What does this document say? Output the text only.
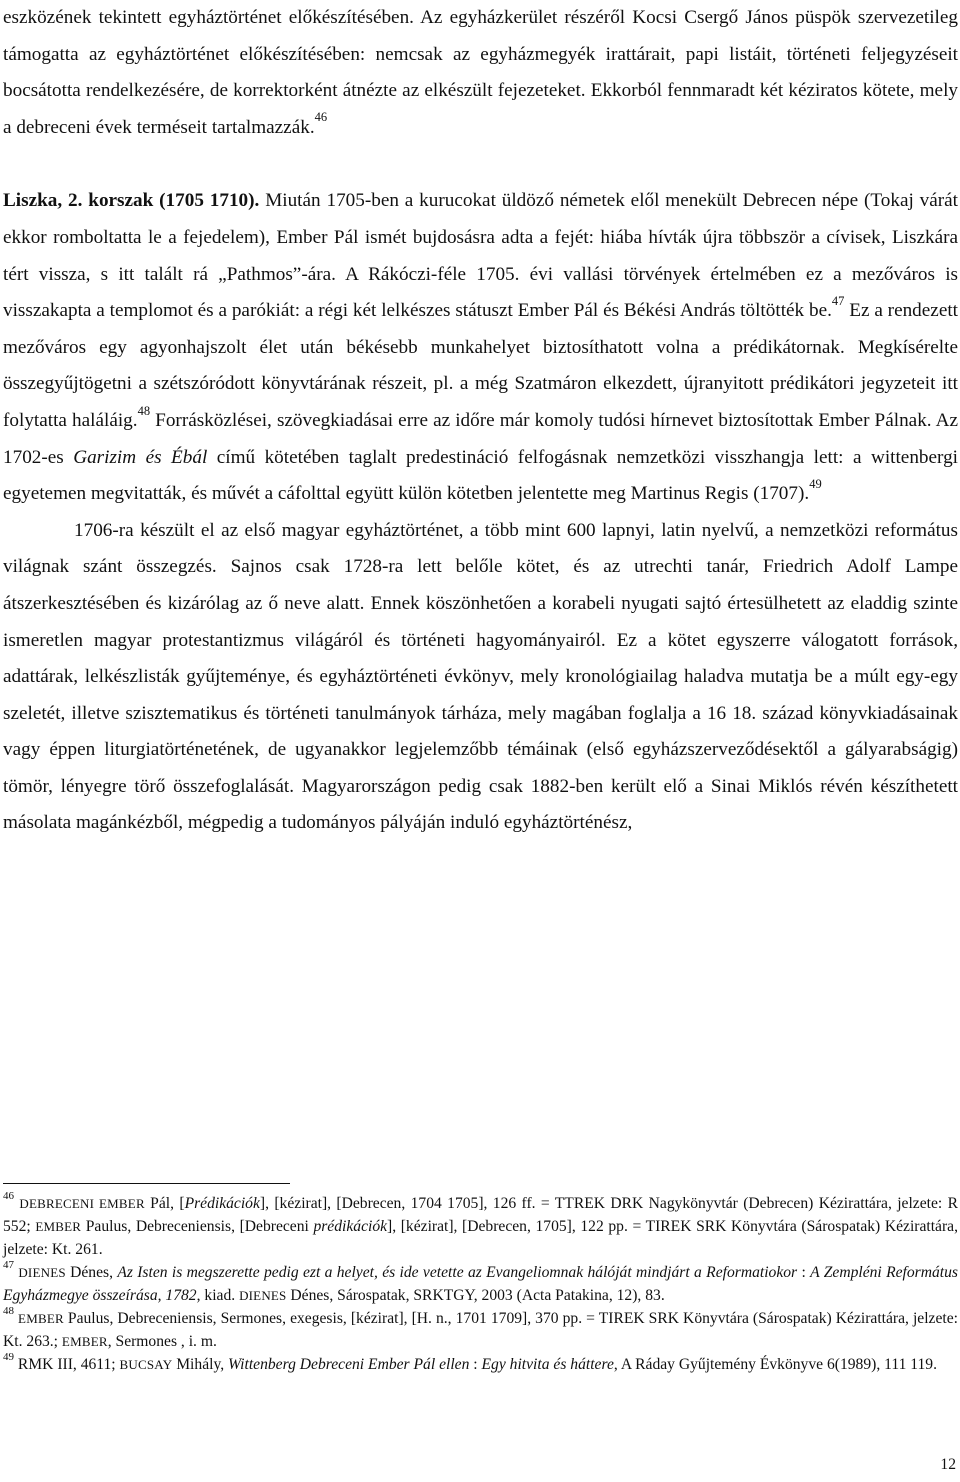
eszközének tekintett egyháztörténet előkészítésében. Az egyházkerület részéről Kocsi Csergő János püspök szervezetileg támogatta az egyháztörténet előkészítésében: nemcsak az egyházmegyék irattárait, papi listáit, történeti feljegyzéseit bocsátotta rendelkezésére, de korrektorként átnézte az elkészült fejezeteket. Ekkorból fennmaradt két kéziratos kötete, mely a debreceni évek terméseit tartalmazzák.$^{46}$

Liszka, 2. korszak (1705 1710). Miután 1705-ben a kurucokat üldöző németek elől menekült Debrecen népe (Tokaj várát ekkor romboltatta le a fejedelem), Ember Pál ismét bujdosásra adta a fejét: hiába hívták újra többször a cívisek, Liszkára tért vissza, s itt talált rá „Pathmos”-ára. A Rákóczi-féle 1705. évi vallási törvények értelmében ez a mezőváros is visszakapta a templomot és a parókiát: a régi két lelkészes státuszt Ember Pál és Békési András töltötték be.$^{47}$ Ez a rendezett mezőváros egy agyonhajszolt élet után békésebb munkahelyet biztosíthatott volna a prédikátornak. Megkísérelte összegyűjtögetni a szétszóródott könyvtárának részeit, pl. a még Szatmáron elkezdett, újranyitott prédikátori jegyzeteit itt folytatta haláláig.$^{48}$ Forrásközlései, szövegkiadásai erre az időre már komoly tudósi hírnevet biztosítottak Ember Pálnak. Az 1702-es Garizim és Ébál című kötetében taglalt predestináció felfogásnak nemzetközi visszhangja lett: a wittenbergi egyetemen megvitatták, és művét a cáfolttal együtt külön kötetben jelentette meg Martinus Regis (1707).$^{49}$

1706-ra készült el az első magyar egyháztörténet, a több mint 600 lapnyi, latin nyelvű, a nemzetközi református világnak szánt összegzés. Sajnos csak 1728-ra lett belőle kötet, és az utrechti tanár, Friedrich Adolf Lampe átszerkesztésében és kizárólag az ő neve alatt. Ennek köszönhetően a korabeli nyugati sajtó értesülhetett az eladdig szinte ismeretlen magyar protestantizmus világáról és történeti hagyományairól. Ez a kötet egyszerre válogatott források, adattárak, lelkészlisták gyűjteménye, és egyháztörténeti évkönyv, mely kronológiailag haladva mutatja be a múlt egy-egy szeletét, illetve szisztematikus és történeti tanulmányok tárháza, mely magában foglalja a 16 18. század könyvkiadásainak vagy éppen liturgiatörténetének, de ugyanakkor legjelemzőbb témáinak (első egyházszerveződésektől a gályarabságig) tömör, lényegre törő összefoglalását. Magyarországon pedig csak 1882-ben került elő a Sinai Miklós révén készíthetett másolata magánkézből, mégpedig a tudományos pályáján induló egyháztörténész,

$^{46}$ DEBRECENI EMBER Pál, [Prédikációk], [kézirat], [Debrecen, 1704 1705], 126 ff. = TTREK DRK Nagykönyvtár (Debrecen) Kézirattára, jelzete: R 552; EMBER Paulus, Debreceniensis, [Debreceni prédikációk], [kézirat], [Debrecen, 1705], 122 pp. = TIREK SRK Könyvtára (Sárospatak) Kézirattára, jelzete: Kt. 261.

$^{47}$ DIENES Dénes, Az Isten is megszerette pedig ezt a helyet, és ide vetette az Evangeliomnak hálóját mindjárt a Reformatiokor : A Zempléni Református Egyházmegye összeírása, 1782, kiad. DIENES Dénes, Sárospatak, SRKTGY, 2003 (Acta Patakina, 12), 83.

$^{48}$ EMBER Paulus, Debreceniensis, Sermones, exegesis, [kézirat], [H. n., 1701 1709], 370 pp. = TIREK SRK Könyvtára (Sárospatak) Kézirattára, jelzete: Kt. 263.; EMBER, Sermones , i. m.

$^{49}$ RMK III, 4611; BUCSAY Mihály, Wittenberg Debreceni Ember Pál ellen : Egy hitvita és háttere, A Ráday Gyűjtemény Évkönyve 6(1989), 111 119.

12
